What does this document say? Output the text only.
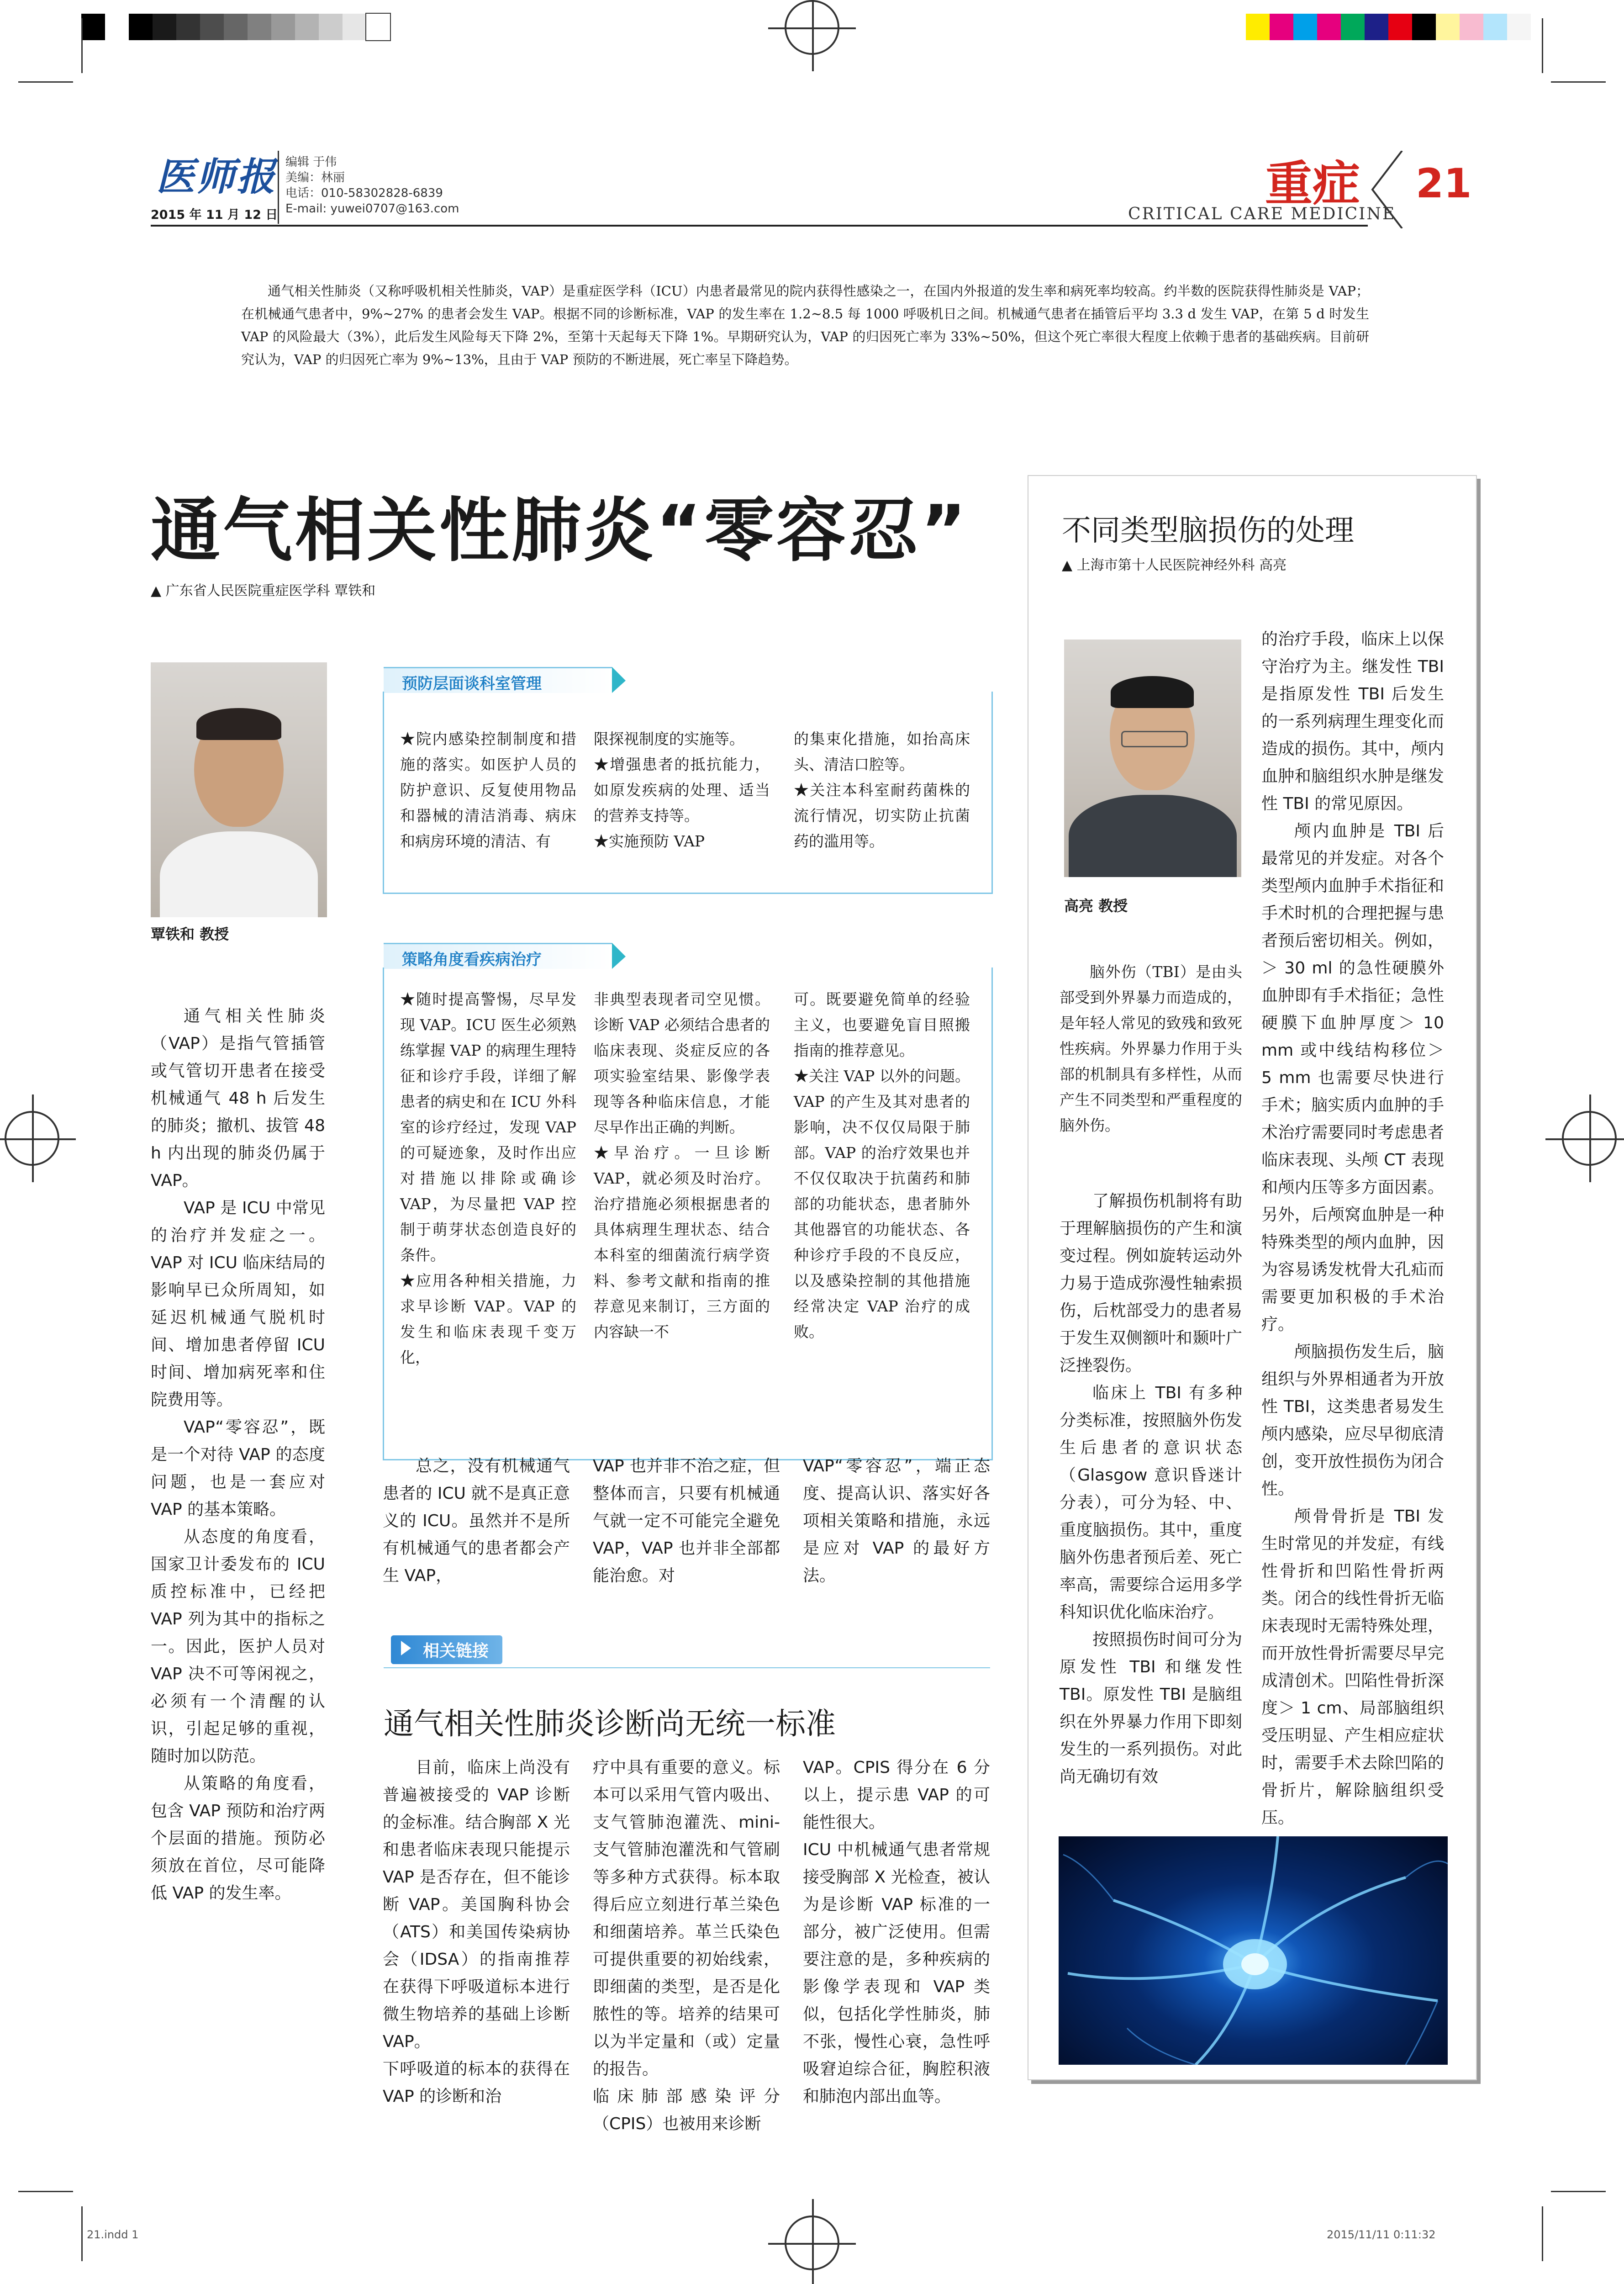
医师报
2015 年 11 月 12 日
编辑 于伟
美编：林丽
电话：010-58302828-6839
E-mail: yuwei0707@163.com	重症
CRITICAL CARE MEDICINE
21
通气相关性肺炎（又称呼吸机相关性肺炎，VAP）是重症医学科（ICU）内患者最常见的院内获得性感染之一，在国内外报道的发生率和病死率均较高。约半数的医院获得性肺炎是 VAP；在机械通气患者中，9%~27% 的患者会发生 VAP。根据不同的诊断标准，VAP 的发生率在 1.2~8.5 每 1000 呼吸机日之间。机械通气患者在插管后平均 3.3 d 发生 VAP，在第 5 d 时发生 VAP 的风险最大（3%），此后发生风险每天下降 2%，至第十天起每天下降 1%。早期研究认为，VAP 的归因死亡率为 33%~50%，但这个死亡率很大程度上依赖于患者的基础疾病。目前研究认为，VAP 的归因死亡率为 9%~13%，且由于 VAP 预防的不断进展，死亡率呈下降趋势。
通气相关性肺炎“零容忍”
▲ 广东省人民医院重症医学科 覃铁和
覃铁和 教授

通气相关性肺炎（VAP）是指气管插管或气管切开患者在接受机械通气 48 h 后发生的肺炎；撤机、拔管 48 h 内出现的肺炎仍属于 VAP。

VAP 是 ICU 中常见的治疗并发症之一。VAP 对 ICU 临床结局的影响早已众所周知，如延迟机械通气脱机时间、增加患者停留 ICU 时间、增加病死率和住院费用等。

VAP“零容忍”，既是一个对待 VAP 的态度问题，也是一套应对 VAP 的基本策略。

从态度的角度看，国家卫计委发布的 ICU 质控标准中，已经把 VAP 列为其中的指标之一。因此，医护人员对 VAP 决不可等闲视之，必须有一个清醒的认识，引起足够的重视，随时加以防范。

从策略的角度看，包含 VAP 预防和治疗两个层面的措施。预防必须放在首位，尽可能降低 VAP 的发生率。

预防层面谈科室管理
★院内感染控制制度和措施的落实。如医护人员的防护意识、反复使用物品和器械的清洁消毒、病床和病房环境的清洁、有
限探视制度的实施等。
★增强患者的抵抗能力，如原发疾病的处理、适当的营养支持等。
★实施预防 VAP
的集束化措施，如抬高床头、清洁口腔等。
★关注本科室耐药菌株的流行情况，切实防止抗菌药的滥用等。
策略角度看疾病治疗
★随时提高警惕，尽早发现 VAP。ICU 医生必须熟练掌握 VAP 的病理生理特征和诊疗手段，详细了解患者的病史和在 ICU 外科室的诊疗经过，发现 VAP 的可疑迹象，及时作出应对措施以排除或确诊 VAP，为尽量把 VAP 控制于萌芽状态创造良好的条件。
★应用各种相关措施，力求早诊断 VAP。VAP 的发生和临床表现千变万化，
非典型表现者司空见惯。诊断 VAP 必须结合患者的临床表现、炎症反应的各项实验室结果、影像学表现等各种临床信息，才能尽早作出正确的判断。
★早治疗。一旦诊断 VAP，就必须及时治疗。治疗措施必须根据患者的具体病理生理状态、结合本科室的细菌流行病学资料、参考文献和指南的推荐意见来制订，三方面的内容缺一不
可。既要避免简单的经验主义，也要避免盲目照搬指南的推荐意见。
★关注 VAP 以外的问题。VAP 的产生及其对患者的影响，决不仅仅局限于肺部。VAP 的治疗效果也并不仅仅取决于抗菌药和肺部的功能状态，患者肺外其他器官的功能状态、各种诊疗手段的不良反应，以及感染控制的其他措施经常决定 VAP 治疗的成败。

总之，没有机械通气患者的 ICU 就不是真正意义的 ICU。虽然并不是所有机械通气的患者都会产生 VAP，

VAP 也并非不治之症，但整体而言，只要有机械通气就一定不可能完全避免 VAP，VAP 也并非全部都能治愈。对

VAP“零容忍”，端正态度、提高认识、落实好各项相关策略和措施，永远是应对 VAP 的最好方法。

相关链接
通气相关性肺炎诊断尚无统一标准

目前，临床上尚没有普遍被接受的 VAP 诊断的金标准。结合胸部 X 光和患者临床表现只能提示 VAP 是否存在，但不能诊断 VAP。美国胸科协会（ATS）和美国传染病协会（IDSA）的指南推荐在获得下呼吸道标本进行微生物培养的基础上诊断 VAP。
下呼吸道的标本的获得在 VAP 的诊断和治

疗中具有重要的意义。标本可以采用气管内吸出、支气管肺泡灌洗、mini- 支气管肺泡灌洗和气管刷等多种方式获得。标本取得后应立刻进行革兰染色和细菌培养。革兰氏染色可提供重要的初始线索，即细菌的类型，是否是化脓性的等。培养的结果可以为半定量和（或）定量的报告。
临床肺部感染评分（CPIS）也被用来诊断

VAP。CPIS 得分在 6 分以上，提示患 VAP 的可能性很大。
ICU 中机械通气患者常规接受胸部 X 光检查，被认为是诊断 VAP 标准的一部分，被广泛使用。但需要注意的是，多种疾病的影像学表现和 VAP 类似，包括化学性肺炎，肺不张，慢性心衰，急性呼吸窘迫综合征，胸腔积液和肺泡内部出血等。

不同类型脑损伤的处理
▲ 上海市第十人民医院神经外科 高亮
高亮 教授

脑外伤（TBI）是由头部受到外界暴力而造成的，是年轻人常见的致残和致死性疾病。外界暴力作用于头部的机制具有多样性，从而产生不同类型和严重程度的脑外伤。

了解损伤机制将有助于理解脑损伤的产生和演变过程。例如旋转运动外力易于造成弥漫性轴索损伤，后枕部受力的患者易于发生双侧额叶和颞叶广泛挫裂伤。

临床上 TBI 有多种分类标准，按照脑外伤发生后患者的意识状态（Glasgow 意识昏迷计分表），可分为轻、中、重度脑损伤。其中，重度脑外伤患者预后差、死亡率高，需要综合运用多学科知识优化临床治疗。

按照损伤时间可分为原发性 TBI 和继发性 TBI。原发性 TBI 是脑组织在外界暴力作用下即刻发生的一系列损伤。对此尚无确切有效

的治疗手段，临床上以保守治疗为主。继发性 TBI 是指原发性 TBI 后发生的一系列病理生理变化而造成的损伤。其中，颅内血肿和脑组织水肿是继发性 TBI 的常见原因。

颅内血肿是 TBI 后最常见的并发症。对各个类型颅内血肿手术指征和手术时机的合理把握与患者预后密切相关。例如，＞ 30 ml 的急性硬膜外血肿即有手术指征；急性硬膜下血肿厚度＞ 10 mm 或中线结构移位＞ 5 mm 也需要尽快进行手术；脑实质内血肿的手术治疗需要同时考虑患者临床表现、头颅 CT 表现和颅内压等多方面因素。另外，后颅窝血肿是一种特殊类型的颅内血肿，因为容易诱发枕骨大孔疝而需要更加积极的手术治疗。

颅脑损伤发生后，脑组织与外界相通者为开放性 TBI，这类患者易发生颅内感染，应尽早彻底清创，变开放性损伤为闭合性。

颅骨骨折是 TBI 发生时常见的并发症，有线性骨折和凹陷性骨折两类。闭合的线性骨折无临床表现时无需特殊处理，而开放性骨折需要尽早完成清创术。凹陷性骨折深度＞ 1 cm、局部脑组织受压明显、产生相应症状时，需要手术去除凹陷的骨折片，解除脑组织受压。

21.indd 1	2015/11/11 0:11:32
